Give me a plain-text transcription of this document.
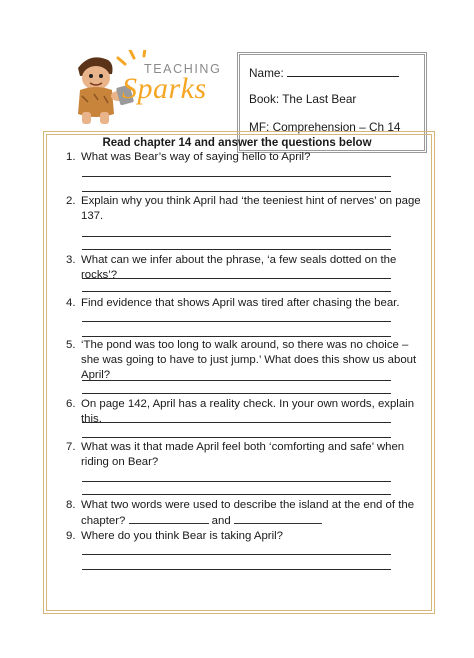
TEACHING
Sparks	Name:
Book: The Last Bear
MF: Comprehension – Ch 14
Read chapter 14 and answer the questions below
1. What was Bear’s way of saying hello to April?
2. Explain why you think April had ‘the teeniest hint of nerves’ on page 137.
3. What can we infer about the phrase, ‘a few seals dotted on the rocks’?
4. Find evidence that shows April was tired after chasing the bear.
5. ‘The pond was too long to walk around, so there was no choice – she was going to have to just jump.’ What does this show us about April?
6. On page 142, April has a reality check. In your own words, explain this.
7. What was it that made April feel both ‘comforting and safe’ when riding on Bear?
8. What two words were used to describe the island at the end of the chapter?	and
9. Where do you think Bear is taking April?
